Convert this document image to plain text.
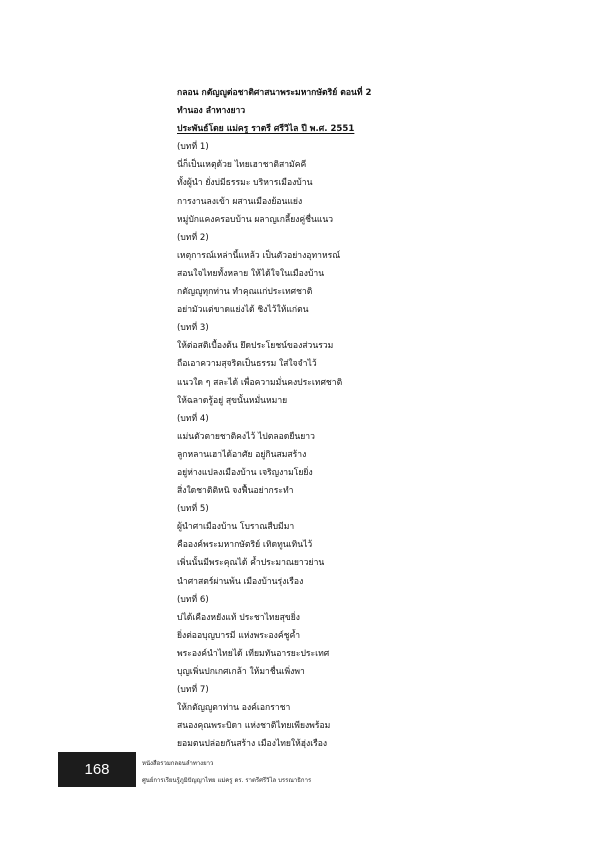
กลอน กตัญญูต่อชาติศาสนาพระมหากษัตริย์ ตอนที่ 2
ทำนอง ลำทางยาว
ประพันธ์โดย แม่ครู ราตรี ศรีวิไล ปี พ.ศ. 2551
(บทที่ 1)
นี่ก็เป็นเหตุด้วย ไทยเฮาชาติสามัคคี
ทั้งผู้นำ ยั่งบ่มีธรรมะ บริหารเมืองบ้าน
การงานลงเข้า ผสานเมืองย้อนแย่ง
หมู่บักแคงครอบบ้าน ผลาญเกลี้ยงคู่ชื่นแนว
(บทที่ 2)
เหตุการณ์เหล่านี้แหล้ว เป็นตัวอย่างอุทาหรณ์
สอนใจไทยทั้งหลาย ให้ได้ใจในเมืองบ้าน
กตัญญูทุกท่าน ทำคุณแก่ประเทศชาติ
อย่ามัวแต่ขาดแย่งได้ ชิงไว้ให้แก่ตน
(บทที่ 3)
ให้ต่อสติเบื้องต้น ยึดประโยชน์ของส่วนรวม
ถือเอาความสุจริตเป็นธรรม ใส่ใจจำไว้
แนวใด ๆ สละได้ เพื่อความมั่นคงประเทศชาติ
ให้ฉลาดรู้อยู่ สุขนั้นหมั่นหมาย
(บทที่ 4)
แม่นตัวตายชาติคงไว้ ไปตลอดยืนยาว
ลูกหลานเฮาได้อาศัย อยู่กินสมสร้าง
อยู่ห่างแปลงเมืองบ้าน เจริญงามโยยิ่ง
สิ่งใดชาติติหนิ จงฟื้นอย่ากระทำ
(บทที่ 5)
ผู้นำศาเมืองบ้าน โบราณสืบมีมา
คือองค์พระมหากษัตริย์ เทิดทูนเทินไว้
เพิ่นนั้นมีพระคุณได้ ค้ำประมาณยาวย่าน
นำศาสตร์ผ่านพ้น เมืองบ้านรุ่งเรือง
(บทที่ 6)
บ่ได้เคืองหยังแท้ ประชาไทยสุขยิ่ง
ยิ่งต่ออบุญบารมี แห่งพระองค์ชูค้ำ
พระองค์นำไทยได้ เทียมทันอารยะประเทศ
บุญเพิ่นปกเกศเกล้า ให้มาชื่นเพิ่งพา
(บทที่ 7)
ให้กตัญญูตาท่าน องค์เอกราชา
สนองคุณพระบิดา แห่งชาติไทยเพียงพร้อม
ยอมตนปล่อยกันสร้าง เมืองไทยให้ฮุ่งเรือง
168	หนังสือรวมกลอนลำทางยาว
ศูนย์การเรียนรู้ภูมิปัญญาไทย แม่ครู ดร. ราตรีศรีวิไล บรรณาธิการ
